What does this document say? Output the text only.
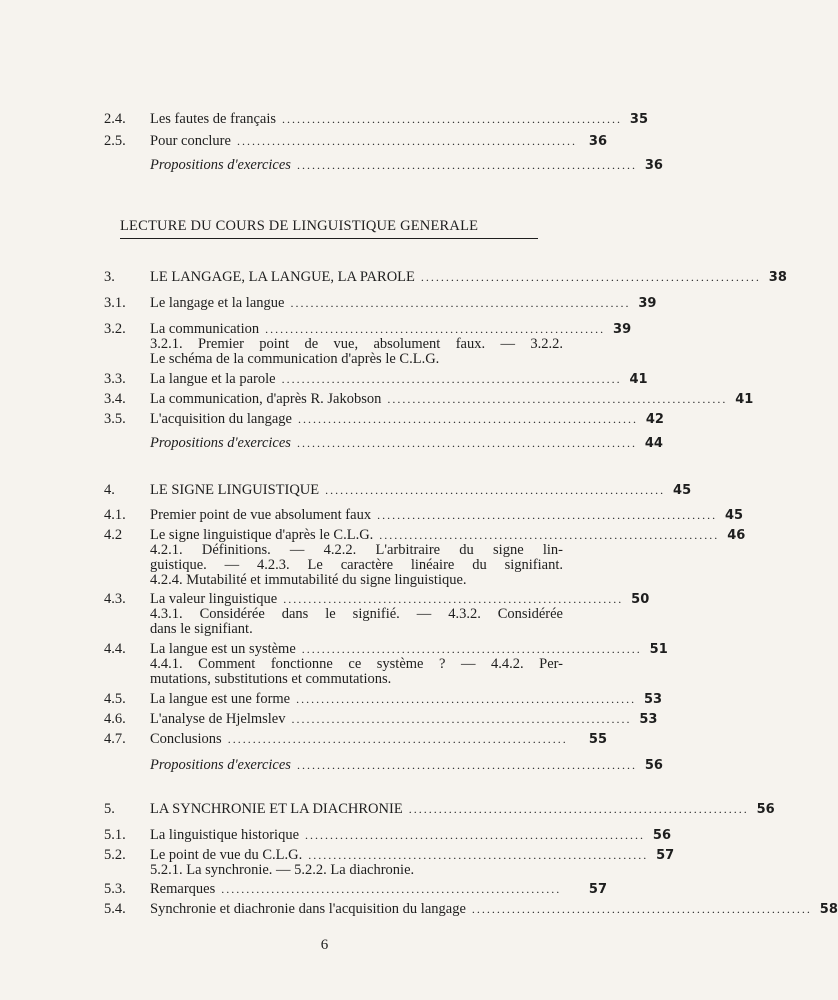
LECTURE DU COURS DE LINGUISTIQUE GENERALE
2.4.	Les fautes de français .................................................................... 35
2.5.	Pour conclure .................................................................... 36
Propositions d'exercices .................................................................... 36
3.	LE LANGAGE, LA LANGUE, LA PAROLE .................................................................... 38
3.1.	Le langage et la langue .................................................................... 39
3.2.	La communication .................................................................... 39
3.2.1. Premier point de vue, absolument faux. — 3.2.2.
Le schéma de la communication d'après le C.L.G.
3.3.	La langue et la parole .................................................................... 41
3.4.	La communication, d'après R. Jakobson .................................................................... 41
3.5.	L'acquisition du langage .................................................................... 42
Propositions d'exercices .................................................................... 44
4.	LE SIGNE LINGUISTIQUE .................................................................... 45
4.1.	Premier point de vue absolument faux .................................................................... 45
4.2	Le signe linguistique d'après le C.L.G. .................................................................... 46
4.2.1. Définitions. — 4.2.2. L'arbitraire du signe lin-
guistique. — 4.2.3. Le caractère linéaire du signifiant.
4.2.4. Mutabilité et immutabilité du signe linguistique.
4.3.	La valeur linguistique .................................................................... 50
4.3.1. Considérée dans le signifié. — 4.3.2. Considérée
dans le signifiant.
4.4.	La langue est un système .................................................................... 51
4.4.1. Comment fonctionne ce système ? — 4.4.2. Per-
mutations, substitutions et commutations.
4.5.	La langue est une forme .................................................................... 53
4.6.	L'analyse de Hjelmslev .................................................................... 53
4.7.	Conclusions ....................................................................	55
Propositions d'exercices .................................................................... 56
5.	LA SYNCHRONIE ET LA DIACHRONIE .................................................................... 56
5.1.	La linguistique historique .................................................................... 56
5.2.	Le point de vue du C.L.G. .................................................................... 57
5.2.1. La synchronie. — 5.2.2. La diachronie.
5.3.	Remarques ....................................................................	57
5.4.	Synchronie et diachronie dans l'acquisition du langage .................................................................... 58
6
